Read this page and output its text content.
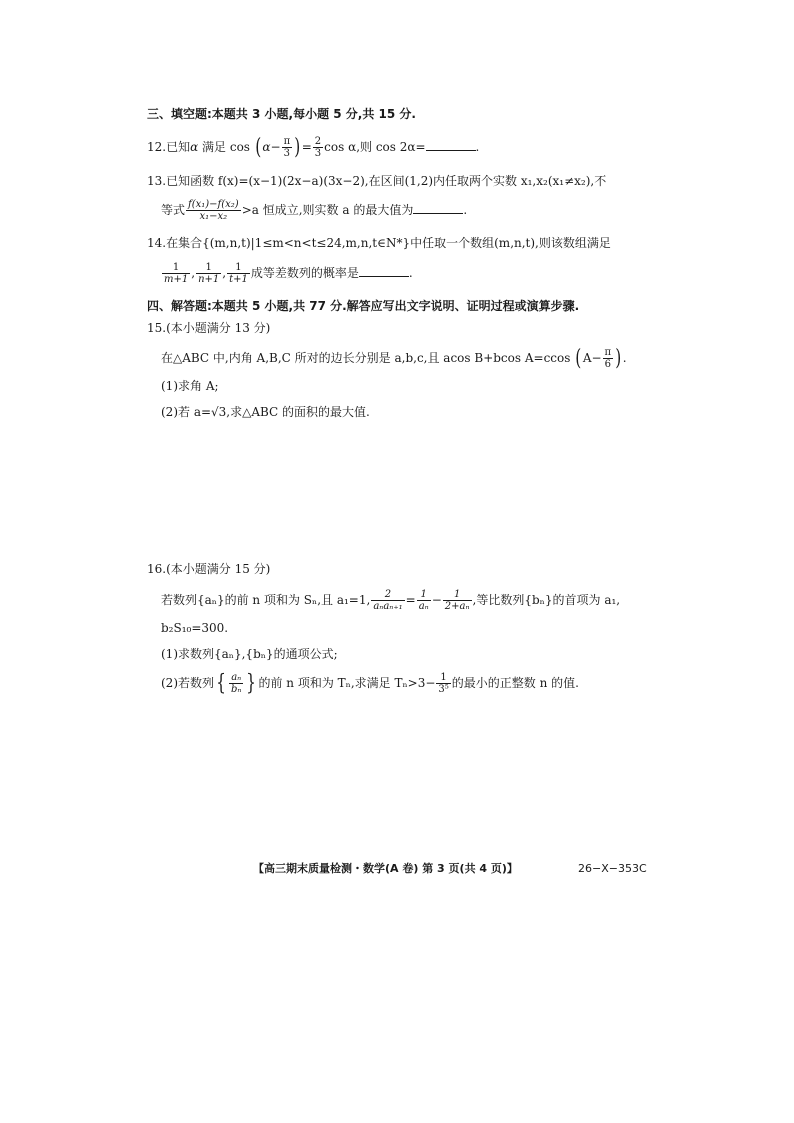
三、填空题:本题共 3 小题,每小题 5 分,共 15 分.
12.已知α 满足 $\cos (\alpha- \frac{\pi}{3}$ )= $\frac{2}{3}$ cos α,则 cos 2α=	.
13.已知函数 f(x)=(x−1)(2x−a)(3x−2),在区间(1,2)内任取两个实数 x₁,x₂(x₁≠x₂),不
等式 $\frac{\text{f(x₁)−f(x₂)}}{\text{x₁−x₂}} >a$ 恒成立,则实数 a 的最大值为	.
14.在集合{(m,n,t)|1≤m<n<t≤24,m,n,t∈N*}中任取一个数组(m,n,t),则该数组满足
$\frac{1}{m+1}$ , $\frac{1}{n+1}$ , $\frac{1}{t+1}$ 成等差数列的概率是	.
四、解答题:本题共 5 小题,共 77 分.解答应写出文字说明、证明过程或演算步骤.
15.(本小题满分 13 分)
在△ABC 中,内角 A,B,C 所对的边长分别是 a,b,c,且 acos B+bcos A=ccos ($A- \frac{\pi}{6}$ ).
(1)求角 A;
(2)若 a=√3,求△ABC 的面积的最大值.
16.(本小题满分 15 分)
若数列{aₙ}的前 n 项和为 Sₙ,且 a₁=1, $\frac{2}{\text{aₙaₙ₊₁}} = \frac{1}{\text{aₙ}} - \frac{1}{\text{2+aₙ}}$ ,等比数列{bₙ}的首项为 a₁,
b₂S₁₀=300.
(1)求数列{aₙ},{bₙ}的通项公式;
(2)若数列{ $\frac{\text{aₙ}}{\text{bₙ}}$ } 的前 n 项和为 Tₙ,求满足 $T_n>3- \frac{1}{\text{3⁵}}$ 的最小的正整数 n 的值.
【高三期末质量检测・数学(A 卷) 第 3 页(共 4 页)】	26−X−353C
